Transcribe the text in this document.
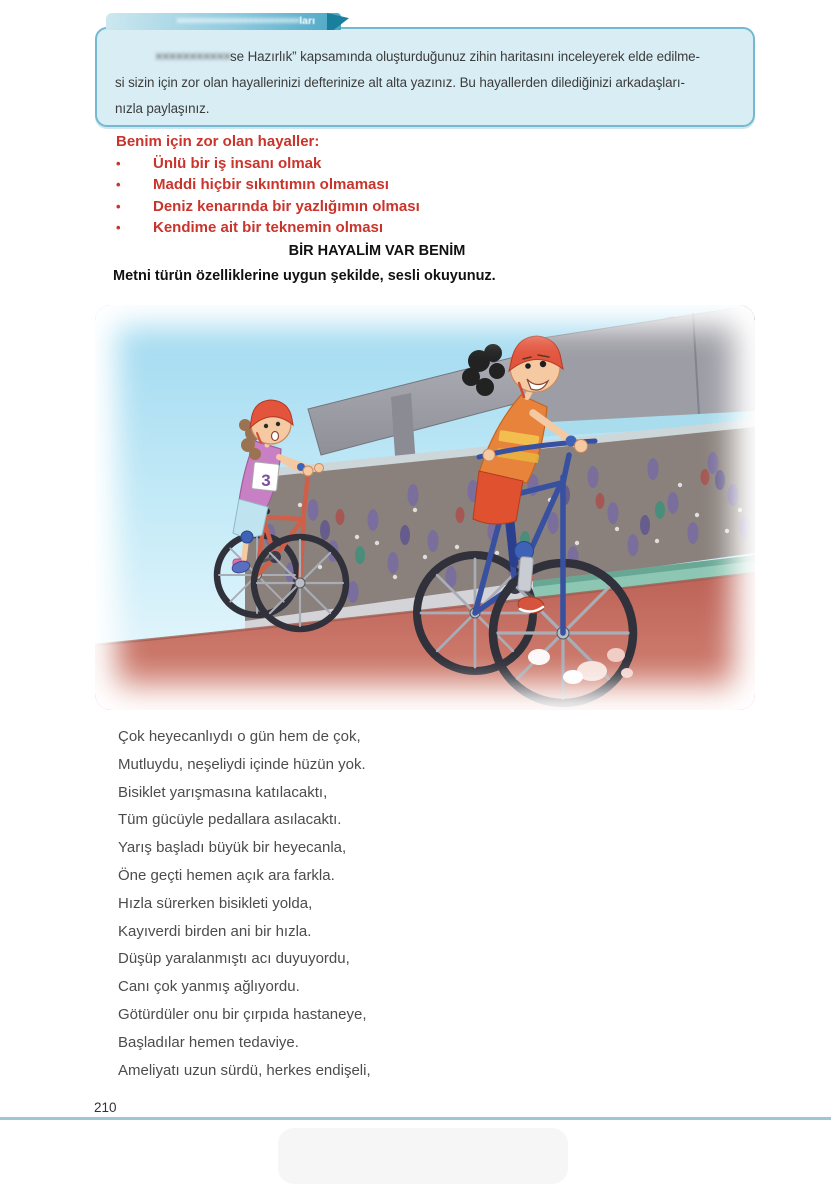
××××××××××××××××××××××××ları
×××××××××××se Hazırlık” kapsamında oluşturduğunuz zihin haritasını inceleyerek elde edilme-
si sizin için zor olan hayallerinizi defterinize alt alta yazınız. Bu hayallerden dilediğinizi arkadaşları-
nızla paylaşınız.
Benim için zor olan hayaller:
•	Ünlü bir iş insanı olmak
•	Maddi hiçbir sıkıntımın olmaması
•	Deniz kenarında bir yazlığımın olması
•	Kendime ait bir teknemin olması
BİR HAYALİM VAR BENİM
Metni türün özelliklerine uygun şekilde, sesli okuyunuz.
3
Çok heyecanlıydı o gün hem de çok,
Mutluydu, neşeliydi içinde hüzün yok.
Bisiklet yarışmasına katılacaktı,
Tüm gücüyle pedallara asılacaktı.
Yarış başladı büyük bir heyecanla,
Öne geçti hemen açık ara farkla.
Hızla sürerken bisikleti yolda,
Kayıverdi birden ani bir hızla.
Düşüp yaralanmıştı acı duyuyordu,
Canı çok yanmış ağlıyordu.
Götürdüler onu bir çırpıda hastaneye,
Başladılar hemen tedaviye.
Ameliyatı uzun sürdü, herkes endişeli,
210
